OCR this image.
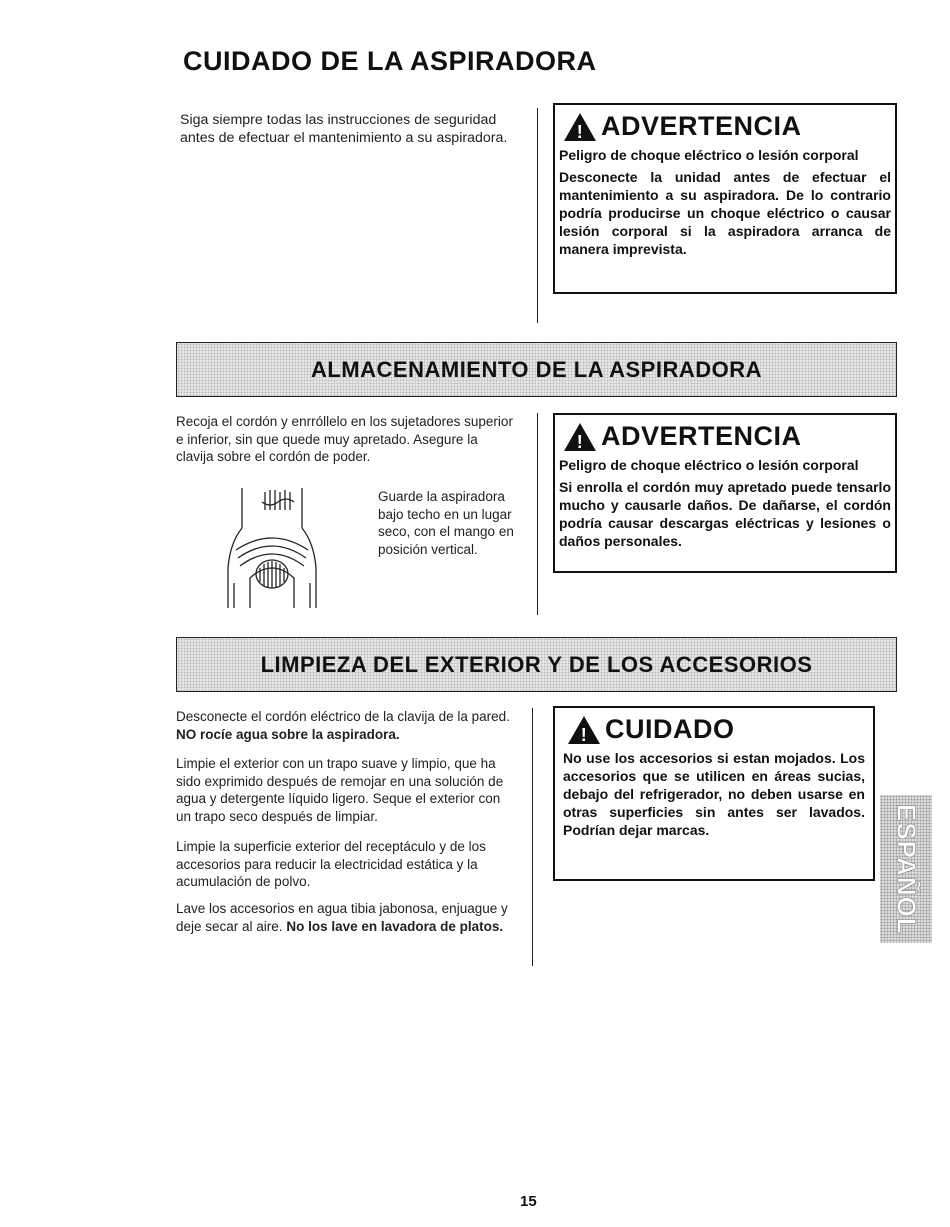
CUIDADO DE LA ASPIRADORA
Siga siempre todas las instrucciones de seguridad antes de efectuar el mantenimiento a su aspiradora.	! ADVERTENCIA
Peligro de choque eléctrico o lesión corporal
Desconecte la unidad antes de efectuar el mantenimiento a su aspiradora. De lo contrario podría producirse un choque eléctrico o causar lesión corporal si la aspiradora arranca de manera imprevista.
ALMACENAMIENTO DE LA ASPIRADORA
Recoja el cordón y enrróllelo en los sujetadores superior e inferior, sin que quede muy apretado. Asegure la clavija sobre el cordón de poder.
Guarde la aspiradora bajo techo en un lugar seco, con el mango en posición vertical.
! ADVERTENCIA
Peligro de choque eléctrico o lesión corporal
Si enrolla el cordón muy apretado puede tensarlo mucho y causarle daños. De dañarse, el cordón podría causar descargas eléctricas y lesiones o daños personales.
LIMPIEZA DEL EXTERIOR Y DE LOS ACCESORIOS
Desconecte el cordón eléctrico de la clavija de la pared. NO rocíe agua sobre la aspiradora.
Limpie el exterior con un trapo suave y limpio, que ha sido exprimido después de remojar en una solución de agua y detergente líquido ligero. Seque el exterior con un trapo seco después de limpiar.
Limpie la superficie exterior del receptáculo y de los accesorios para reducir la electricidad estática y la acumulación de polvo.
Lave los accesorios en agua tibia jabonosa, enjuague y deje secar al aire. No los lave en lavadora de platos.
! CUIDADO
No use los accesorios si estan mojados. Los accesorios que se utilicen en áreas sucias, debajo del refrigerador, no deben usarse en otras superficies sin antes ser lavados. Podrían dejar marcas.	ESPAÑOL
15
